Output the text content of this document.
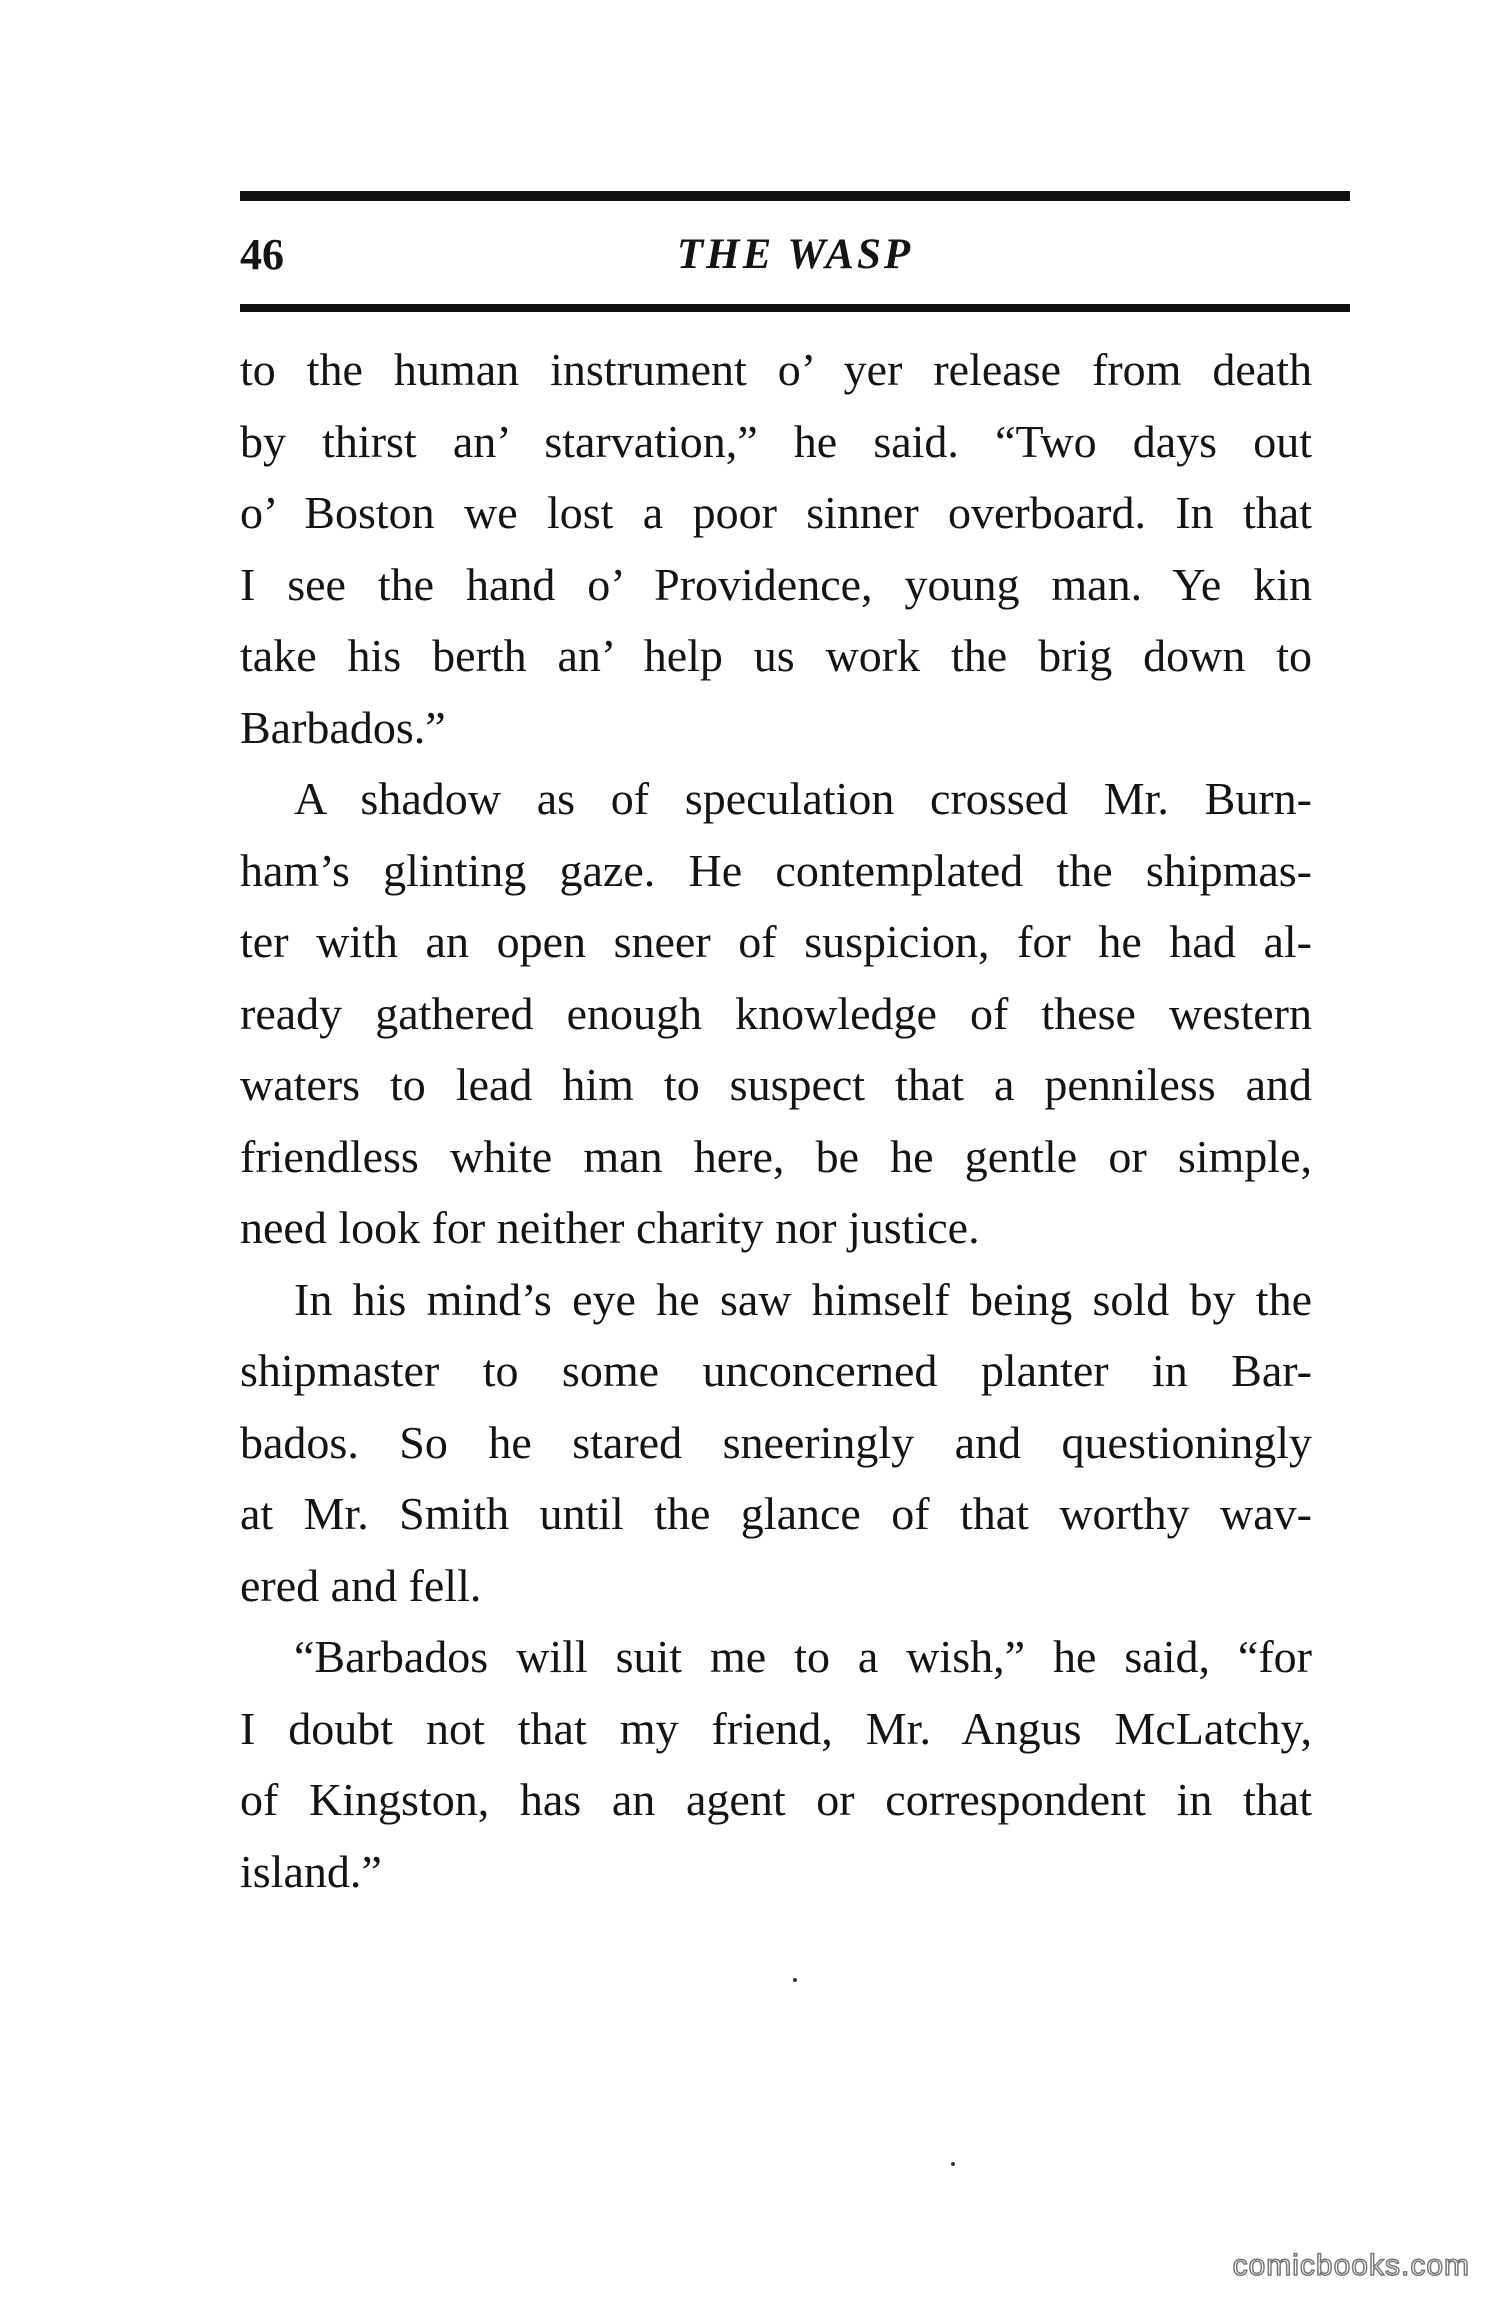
46	THE WASP
to the human instrument o’ yer release from death
by thirst an’ starvation,” he said. “Two days out
o’ Boston we lost a poor sinner overboard. In that
I see the hand o’ Providence, young man. Ye kin
take his berth an’ help us work the brig down to
Barbados.”
A shadow as of speculation crossed Mr. Burn-
ham’s glinting gaze. He contemplated the shipmas-
ter with an open sneer of suspicion, for he had al-
ready gathered enough knowledge of these western
waters to lead him to suspect that a penniless and
friendless white man here, be he gentle or simple,
need look for neither charity nor justice.
In his mind’s eye he saw himself being sold by the
shipmaster to some unconcerned planter in Bar-
bados. So he stared sneeringly and questioningly
at Mr. Smith until the glance of that worthy wav-
ered and fell.
“Barbados will suit me to a wish,” he said, “for
I doubt not that my friend, Mr. Angus McLatchy,
of Kingston, has an agent or correspondent in that
island.”
comicbooks.com
